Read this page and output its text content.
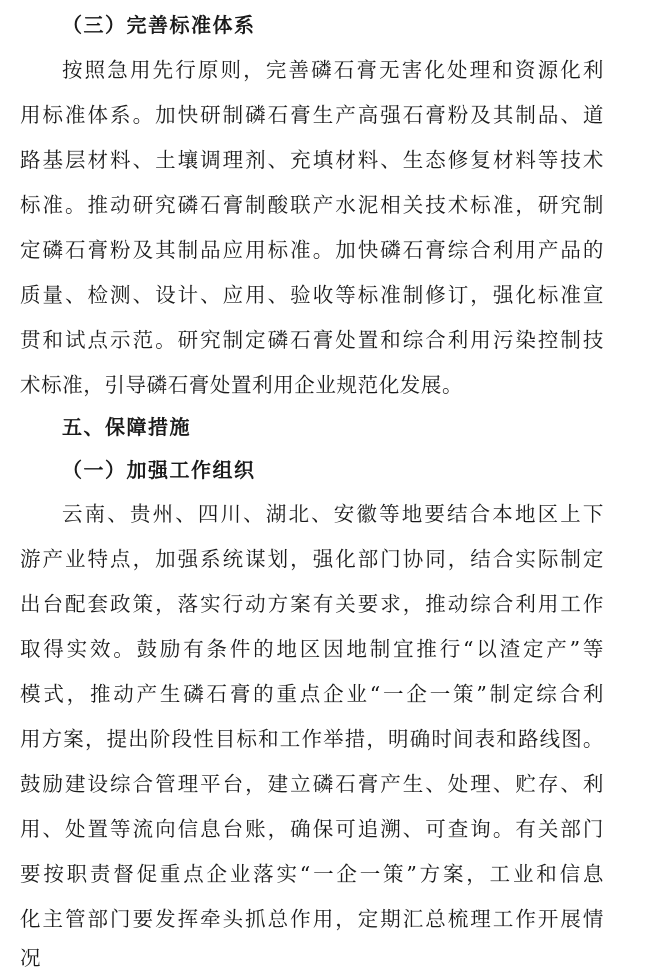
（三）完善标准体系
按照急用先行原则，完善磷石膏无害化处理和资源化利
用标准体系。加快研制磷石膏生产高强石膏粉及其制品、道
路基层材料、土壤调理剂、充填材料、生态修复材料等技术
标准。推动研究磷石膏制酸联产水泥相关技术标准，研究制
定磷石膏粉及其制品应用标准。加快磷石膏综合利用产品的
质量、检测、设计、应用、验收等标准制修订，强化标准宣
贯和试点示范。研究制定磷石膏处置和综合利用污染控制技
术标准，引导磷石膏处置利用企业规范化发展。
五、保障措施
（一）加强工作组织
云南、贵州、四川、湖北、安徽等地要结合本地区上下
游产业特点，加强系统谋划，强化部门协同，结合实际制定
出台配套政策，落实行动方案有关要求，推动综合利用工作
取得实效。鼓励有条件的地区因地制宜推行“以渣定产”等
模式，推动产生磷石膏的重点企业“一企一策”制定综合利
用方案，提出阶段性目标和工作举措，明确时间表和路线图。
鼓励建设综合管理平台，建立磷石膏产生、处理、贮存、利
用、处置等流向信息台账，确保可追溯、可查询。有关部门
要按职责督促重点企业落实“一企一策”方案，工业和信息
化主管部门要发挥牵头抓总作用，定期汇总梳理工作开展情
况
